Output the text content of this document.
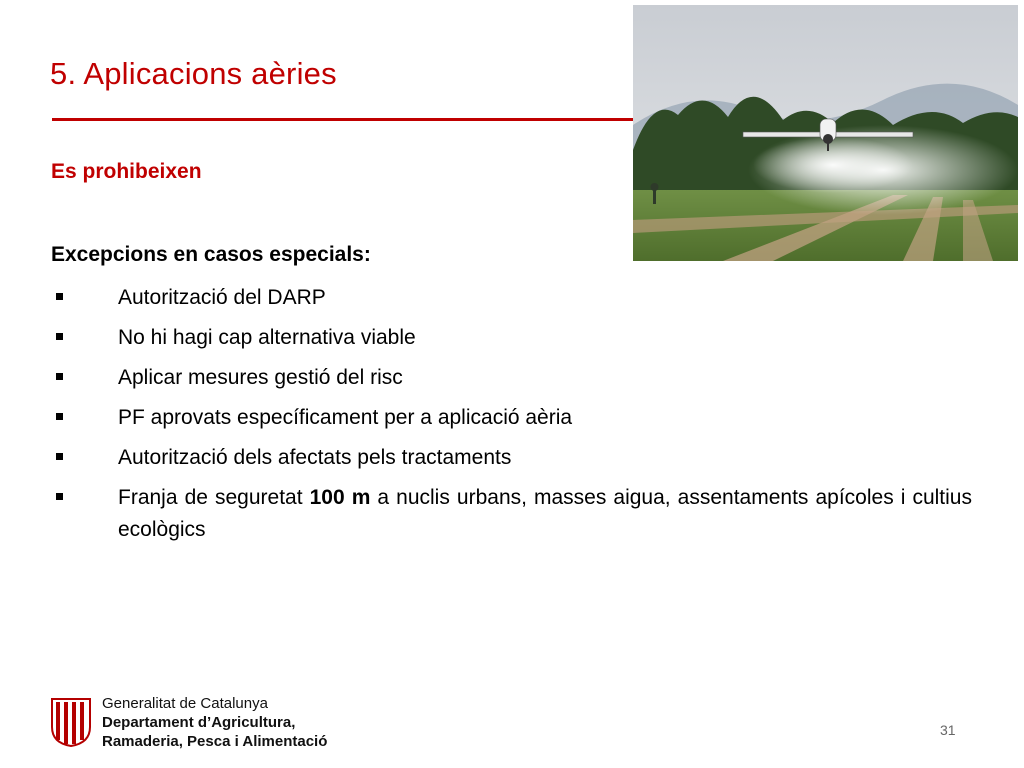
5. Aplicacions aèries
Es prohibeixen
Excepcions en casos especials:
Autorització del DARP
No hi hagi cap alternativa viable
Aplicar mesures gestió del risc
PF aprovats específicament per a aplicació aèria
Autorització dels afectats pels tractaments
Franja de seguretat 100 m a nuclis urbans, masses aigua, assentaments apícoles i cultius ecològics
Generalitat de Catalunya
Departament d’Agricultura,
Ramaderia, Pesca i Alimentació
31
